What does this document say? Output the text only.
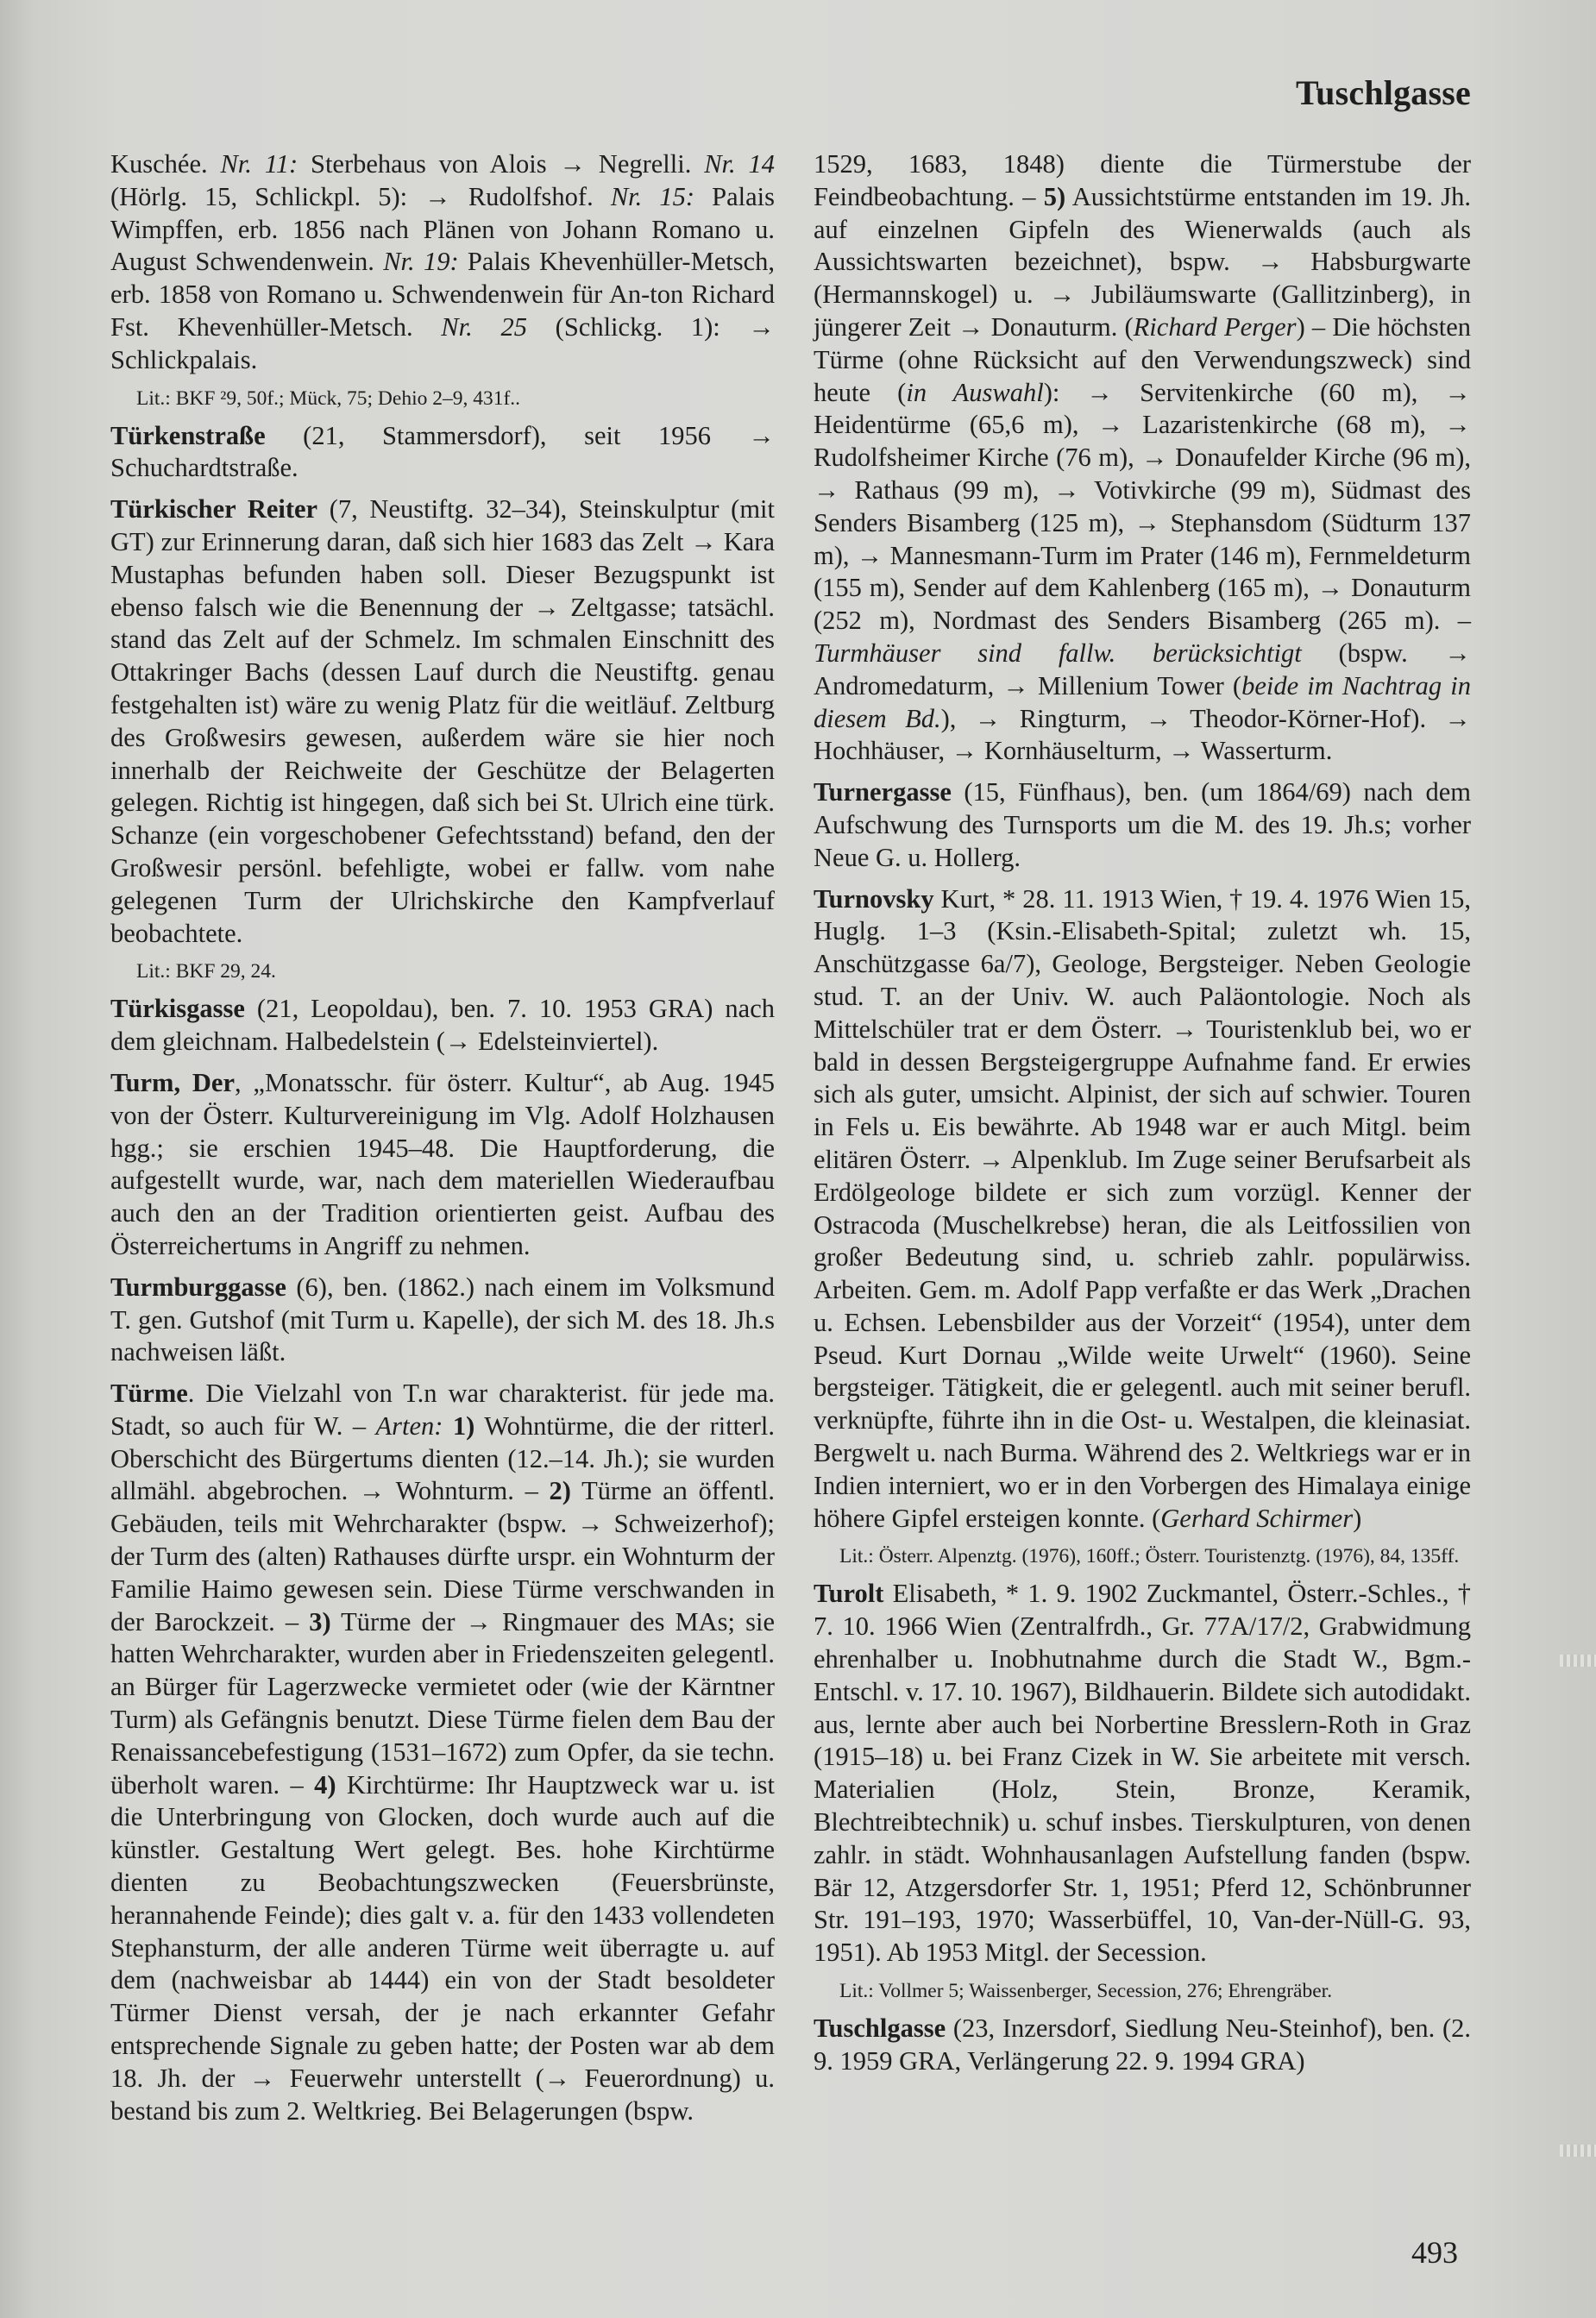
Tuschlgasse

Kuschée. Nr. 11: Sterbehaus von Alois → Negrelli. Nr. 14 (Hörlg. 15, Schlickpl. 5): → Rudolfshof. Nr. 15: Palais Wimpffen, erb. 1856 nach Plänen von Johann Romano u. August Schwendenwein. Nr. 19: Palais Khevenhüller-Metsch, erb. 1858 von Romano u. Schwendenwein für An-ton Richard Fst. Khevenhüller-Metsch. Nr. 25 (Schlickg. 1): → Schlickpalais.

Lit.: BKF ²9, 50f.; Mück, 75; Dehio 2–9, 431f..

Türkenstraße (21, Stammersdorf), seit 1956 → Schuchardtstraße.

Türkischer Reiter (7, Neustiftg. 32–34), Steinskulptur (mit GT) zur Erinnerung daran, daß sich hier 1683 das Zelt → Kara Mustaphas befunden haben soll. Dieser Bezugspunkt ist ebenso falsch wie die Benennung der → Zeltgasse; tatsächl. stand das Zelt auf der Schmelz. Im schmalen Einschnitt des Ottakringer Bachs (dessen Lauf durch die Neustiftg. genau festgehalten ist) wäre zu wenig Platz für die weitläuf. Zeltburg des Großwesirs gewesen, außerdem wäre sie hier noch innerhalb der Reichweite der Geschütze der Belagerten gelegen. Richtig ist hingegen, daß sich bei St. Ulrich eine türk. Schanze (ein vorgeschobener Gefechtsstand) befand, den der Großwesir persönl. befehligte, wobei er fallw. vom nahe gelegenen Turm der Ulrichskirche den Kampfverlauf beobachtete.

Lit.: BKF 29, 24.

Türkisgasse (21, Leopoldau), ben. 7. 10. 1953 GRA) nach dem gleichnam. Halbedelstein (→ Edelsteinviertel).

Turm, Der, „Monatsschr. für österr. Kultur“, ab Aug. 1945 von der Österr. Kulturvereinigung im Vlg. Adolf Holzhausen hgg.; sie erschien 1945–48. Die Hauptforderung, die aufgestellt wurde, war, nach dem materiellen Wiederaufbau auch den an der Tradition orientierten geist. Aufbau des Österreichertums in Angriff zu nehmen.

Turmburggasse (6), ben. (1862.) nach einem im Volksmund T. gen. Gutshof (mit Turm u. Kapelle), der sich M. des 18. Jh.s nachweisen läßt.

Türme. Die Vielzahl von T.n war charakterist. für jede ma. Stadt, so auch für W. – Arten: 1) Wohntürme, die der ritterl. Oberschicht des Bürgertums dienten (12.–14. Jh.); sie wurden allmähl. abgebrochen. → Wohnturm. – 2) Türme an öffentl. Gebäuden, teils mit Wehrcharakter (bspw. → Schweizerhof); der Turm des (alten) Rathauses dürfte urspr. ein Wohnturm der Familie Haimo gewesen sein. Diese Türme verschwanden in der Barockzeit. – 3) Türme der → Ringmauer des MAs; sie hatten Wehrcharakter, wurden aber in Friedenszeiten gelegentl. an Bürger für Lagerzwecke vermietet oder (wie der Kärntner Turm) als Gefängnis benutzt. Diese Türme fielen dem Bau der Renaissancebefestigung (1531–1672) zum Opfer, da sie techn. überholt waren. – 4) Kirchtürme: Ihr Hauptzweck war u. ist die Unterbringung von Glocken, doch wurde auch auf die künstler. Gestaltung Wert gelegt. Bes. hohe Kirchtürme dienten zu Beobachtungszwecken (Feuersbrünste, herannahende Feinde); dies galt v. a. für den 1433 vollendeten Stephansturm, der alle anderen Türme weit überragte u. auf dem (nachweisbar ab 1444) ein von der Stadt besoldeter Türmer Dienst versah, der je nach erkannter Gefahr entsprechende Signale zu geben hatte; der Posten war ab dem 18. Jh. der → Feuerwehr unterstellt (→ Feuerordnung) u. bestand bis zum 2. Weltkrieg. Bei Belagerungen (bspw.

1529, 1683, 1848) diente die Türmerstube der Feindbeobachtung. – 5) Aussichtstürme entstanden im 19. Jh. auf einzelnen Gipfeln des Wienerwalds (auch als Aussichtswarten bezeichnet), bspw. → Habsburgwarte (Hermannskogel) u. → Jubiläumswarte (Gallitzinberg), in jüngerer Zeit → Donauturm. (Richard Perger) – Die höchsten Türme (ohne Rücksicht auf den Verwendungszweck) sind heute (in Auswahl): → Servitenkirche (60 m), → Heidentürme (65,6 m), → Lazaristenkirche (68 m), → Rudolfsheimer Kirche (76 m), → Donaufelder Kirche (96 m), → Rathaus (99 m), → Votivkirche (99 m), Südmast des Senders Bisamberg (125 m), → Stephansdom (Südturm 137 m), → Mannesmann-Turm im Prater (146 m), Fernmeldeturm (155 m), Sender auf dem Kahlenberg (165 m), → Donauturm (252 m), Nordmast des Senders Bisamberg (265 m). – Turmhäuser sind fallw. berücksichtigt (bspw. → Andromedaturm, → Millenium Tower (beide im Nachtrag in diesem Bd.), → Ringturm, → Theodor-Körner-Hof). → Hochhäuser, → Kornhäuselturm, → Wasserturm.

Turnergasse (15, Fünfhaus), ben. (um 1864/69) nach dem Aufschwung des Turnsports um die M. des 19. Jh.s; vorher Neue G. u. Hollerg.

Turnovsky Kurt, * 28. 11. 1913 Wien, † 19. 4. 1976 Wien 15, Huglg. 1–3 (Ksin.-Elisabeth-Spital; zuletzt wh. 15, Anschützgasse 6a/7), Geologe, Bergsteiger. Neben Geologie stud. T. an der Univ. W. auch Paläontologie. Noch als Mittelschüler trat er dem Österr. → Touristenklub bei, wo er bald in dessen Bergsteigergruppe Aufnahme fand. Er erwies sich als guter, umsicht. Alpinist, der sich auf schwier. Touren in Fels u. Eis bewährte. Ab 1948 war er auch Mitgl. beim elitären Österr. → Alpenklub. Im Zuge seiner Berufsarbeit als Erdölgeologe bildete er sich zum vorzügl. Kenner der Ostracoda (Muschelkrebse) heran, die als Leitfossilien von großer Bedeutung sind, u. schrieb zahlr. populärwiss. Arbeiten. Gem. m. Adolf Papp verfaßte er das Werk „Drachen u. Echsen. Lebensbilder aus der Vorzeit“ (1954), unter dem Pseud. Kurt Dornau „Wilde weite Urwelt“ (1960). Seine bergsteiger. Tätigkeit, die er gelegentl. auch mit seiner berufl. verknüpfte, führte ihn in die Ost- u. Westalpen, die kleinasiat. Bergwelt u. nach Burma. Während des 2. Weltkriegs war er in Indien interniert, wo er in den Vorbergen des Himalaya einige höhere Gipfel ersteigen konnte. (Gerhard Schirmer)

Lit.: Österr. Alpenztg. (1976), 160ff.; Österr. Touristenztg. (1976), 84, 135ff.

Turolt Elisabeth, * 1. 9. 1902 Zuckmantel, Österr.-Schles., † 7. 10. 1966 Wien (Zentralfrdh., Gr. 77A/17/2, Grabwidmung ehrenhalber u. Inobhutnahme durch die Stadt W., Bgm.-Entschl. v. 17. 10. 1967), Bildhauerin. Bildete sich autodidakt. aus, lernte aber auch bei Norbertine Bresslern-Roth in Graz (1915–18) u. bei Franz Cizek in W. Sie arbeitete mit versch. Materialien (Holz, Stein, Bronze, Keramik, Blechtreibtechnik) u. schuf insbes. Tierskulpturen, von denen zahlr. in städt. Wohnhausanlagen Aufstellung fanden (bspw. Bär 12, Atzgersdorfer Str. 1, 1951; Pferd 12, Schönbrunner Str. 191–193, 1970; Wasserbüffel, 10, Van-der-Nüll-G. 93, 1951). Ab 1953 Mitgl. der Secession.

Lit.: Vollmer 5; Waissenberger, Secession, 276; Ehrengräber.

Tuschlgasse (23, Inzersdorf, Siedlung Neu-Steinhof), ben. (2. 9. 1959 GRA, Verlängerung 22. 9. 1994 GRA)

493
